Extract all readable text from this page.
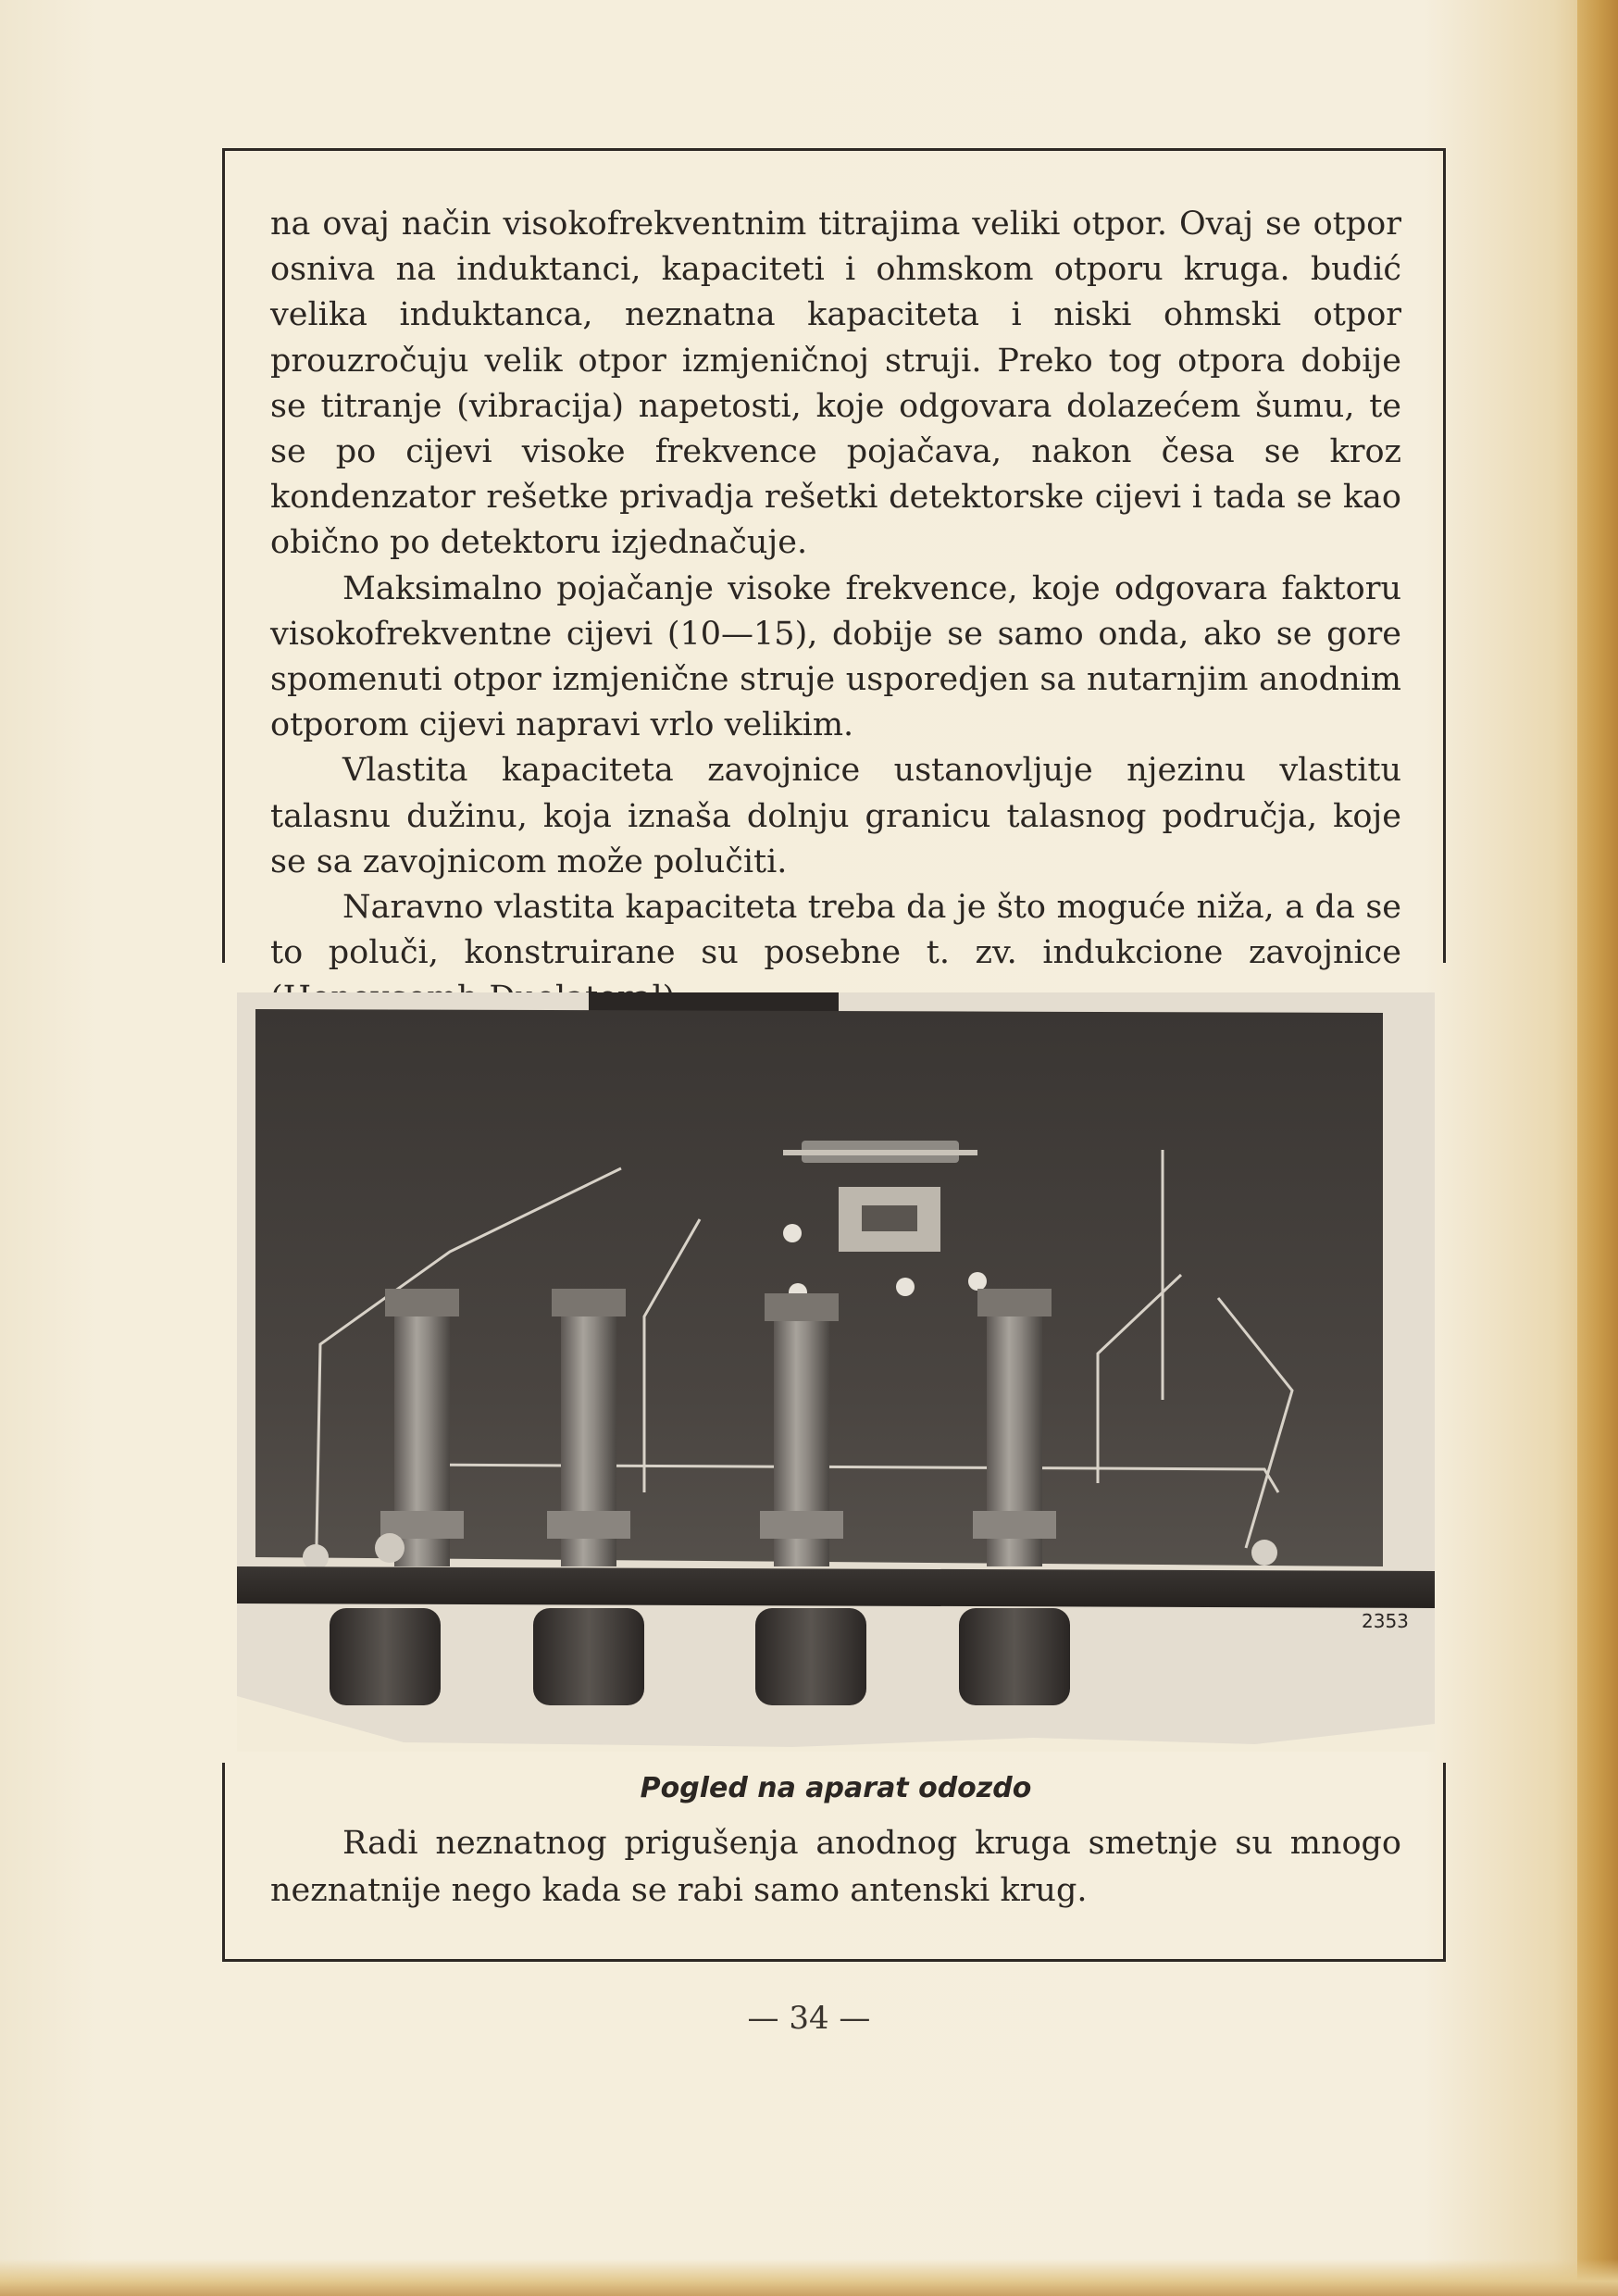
na ovaj način visokofrekventnim titrajima veliki otpor. Ovaj se otpor osniva na induktanci, kapaciteti i ohmskom otporu kruga. budić velika induktanca, neznatna kapaciteta i niski ohmski otpor prouzročuju velik otpor izmjeničnoj struji. Preko tog otpora dobije se titranje (vibracija) napetosti, koje odgovara dolazećem šumu, te se po cijevi visoke frekvence pojačava, nakon česa se kroz kondenzator rešetke privadja rešetki detektorske cijevi i tada se kao obično po detektoru izjednačuje.

Maksimalno pojačanje visoke frekvence, koje odgovara faktoru visokofrekventne cijevi (10—15), dobije se samo onda, ako se gore spomenuti otpor izmjenične struje usporedjen sa nutarnjim anodnim otporom cijevi napravi vrlo velikim.

Vlastita kapaciteta zavojnice ustanovljuje njezinu vlastitu talasnu dužinu, koja iznaša dolnju granicu talasnog područja, koje se sa zavojnicom može polučiti.

Naravno vlastita kapaciteta treba da je što moguće niža, a da se to poluči, konstruirane su posebne t. zv. indukcione zavojnice

2353
Pogled na aparat odozdo

Radi neznatnog prigušenja anodnog kruga smetnje su mnogo neznatnije nego kada se rabi samo antenski krug.

— 34 —
